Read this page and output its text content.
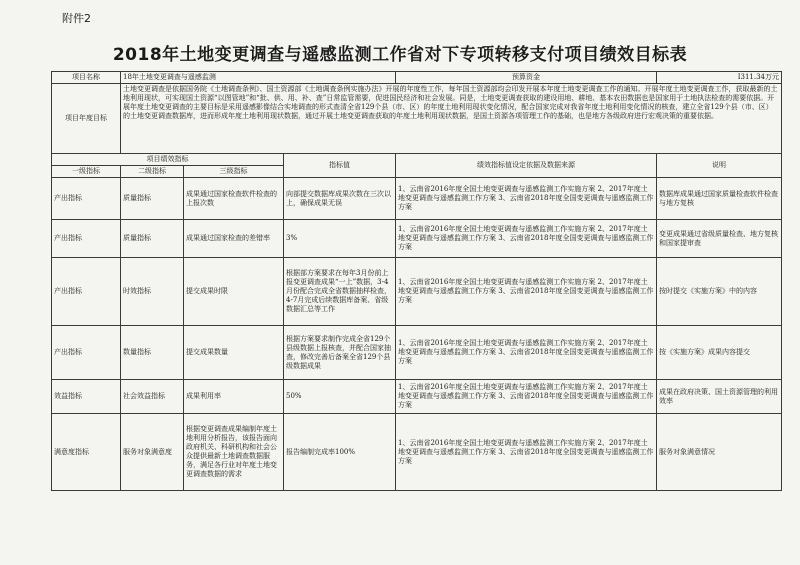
附件2
2018年土地变更调查与遥感监测工作省对下专项转移支付项目绩效目标表
项目名称	18年土地变更调查与遥感监测			预算资金	I311.34万元
项目年度目标	土地变更调查是依据国务院《土地调查条例》、国土资源部《土地调查条例实施办法》开展的年度性工作，每年国土资源部均会印发开展本年度土地变更调查工作的通知。开展年度土地变更调查工作，获取最新的土地利用现状，可实现国土资源“以图管地”和“批、供、用、补、查”日常监管需要，促进国民经济和社会发展。同是，土地变更调查获取的建设用地、耕地、基本农田数据也是国家用于土地执法检查的需要依据。开展年度土地变更调查的主要目标是采用遥感影像结合实地调查的形式查清全省129个县（市、区）的年度土地利用现状变化情况，配合国家完成对我省年度土地利用变化情况的核查，建立全省129个县（市、区）的土地变更调查数据库，进而形成年度土地利用现状数据，通过开展土地变更调查获取的年度土地利用现状数据，是国土资源各项管理工作的基础，也是地方各级政府进行宏观决策的重要依据。				
项目绩效指标			指标值	绩效指标值设定依据及数据来源	说明
一级指标	二级指标	三级指标			
产出指标	质量指标	成果通过国家检查软件检查的上报次数	向部提交数据库成果次数在三次以上，确保成果无误	1、云南省2016年度全国土地变更调查与遥感监测工作实施方案 2、2017年度土地变更调查与遥感监测工作方案 3、云南省2018年度全国变更调查与遥感监测工作方案	数据库成果通过国家质量检查软件检查与地方复核
产出指标	质量指标	成果通过国家检查的差错率	3%	1、云南省2016年度全国土地变更调查与遥感监测工作实施方案 2、2017年度土地变更调查与遥感监测工作方案 3、云南省2018年度全国变更调查与遥感监测工作方案	变更成果通过省级质量检查、地方复核和国家提审查
产出指标	时效指标	提交成果时限	根据部方案要求在每年3月份前上报变更调查成果“一上”数据，3-4月份配合完成全省数据抽样检查，4-7月完成后续数据库备案、省级数据汇总等工作	1、云南省2016年度全国土地变更调查与遥感监测工作实施方案 2、2017年度土地变更调查与遥感监测工作方案 3、云南省2018年度全国变更调查与遥感监测工作方案	按时提交《实施方案》中的内容
产出指标	数量指标	提交成果数量	根据方案要求制作完成全省129个县级数据上报核查，并配合国家抽查，修改完善后备案全省129个县级数据成果	1、云南省2016年度全国土地变更调查与遥感监测工作实施方案 2、2017年度土地变更调查与遥感监测工作方案 3、云南省2018年度全国变更调查与遥感监测工作方案	按《实施方案》成果内容提交
效益指标	社会效益指标	成果利用率	50%	1、云南省2016年度全国土地变更调查与遥感监测工作实施方案 2、2017年度土地变更调查与遥感监测工作方案 3、云南省2018年度全国变更调查与遥感监测工作方案	成果在政府决策、国土资源管理的利用效率
满意度指标	服务对象满意度	根据变更调查成果编制年度土地利用分析报告，该报告面向政府机关、科研机构和社会公众提供最新土地调查数据服务，满足各行业对年度土地变更调查数据的需求	报告编制完成率100%	1、云南省2016年度全国土地变更调查与遥感监测工作实施方案 2、2017年度土地变更调查与遥感监测工作方案 3、云南省2018年度全国变更调查与遥感监测工作方案	服务对象满意情况
